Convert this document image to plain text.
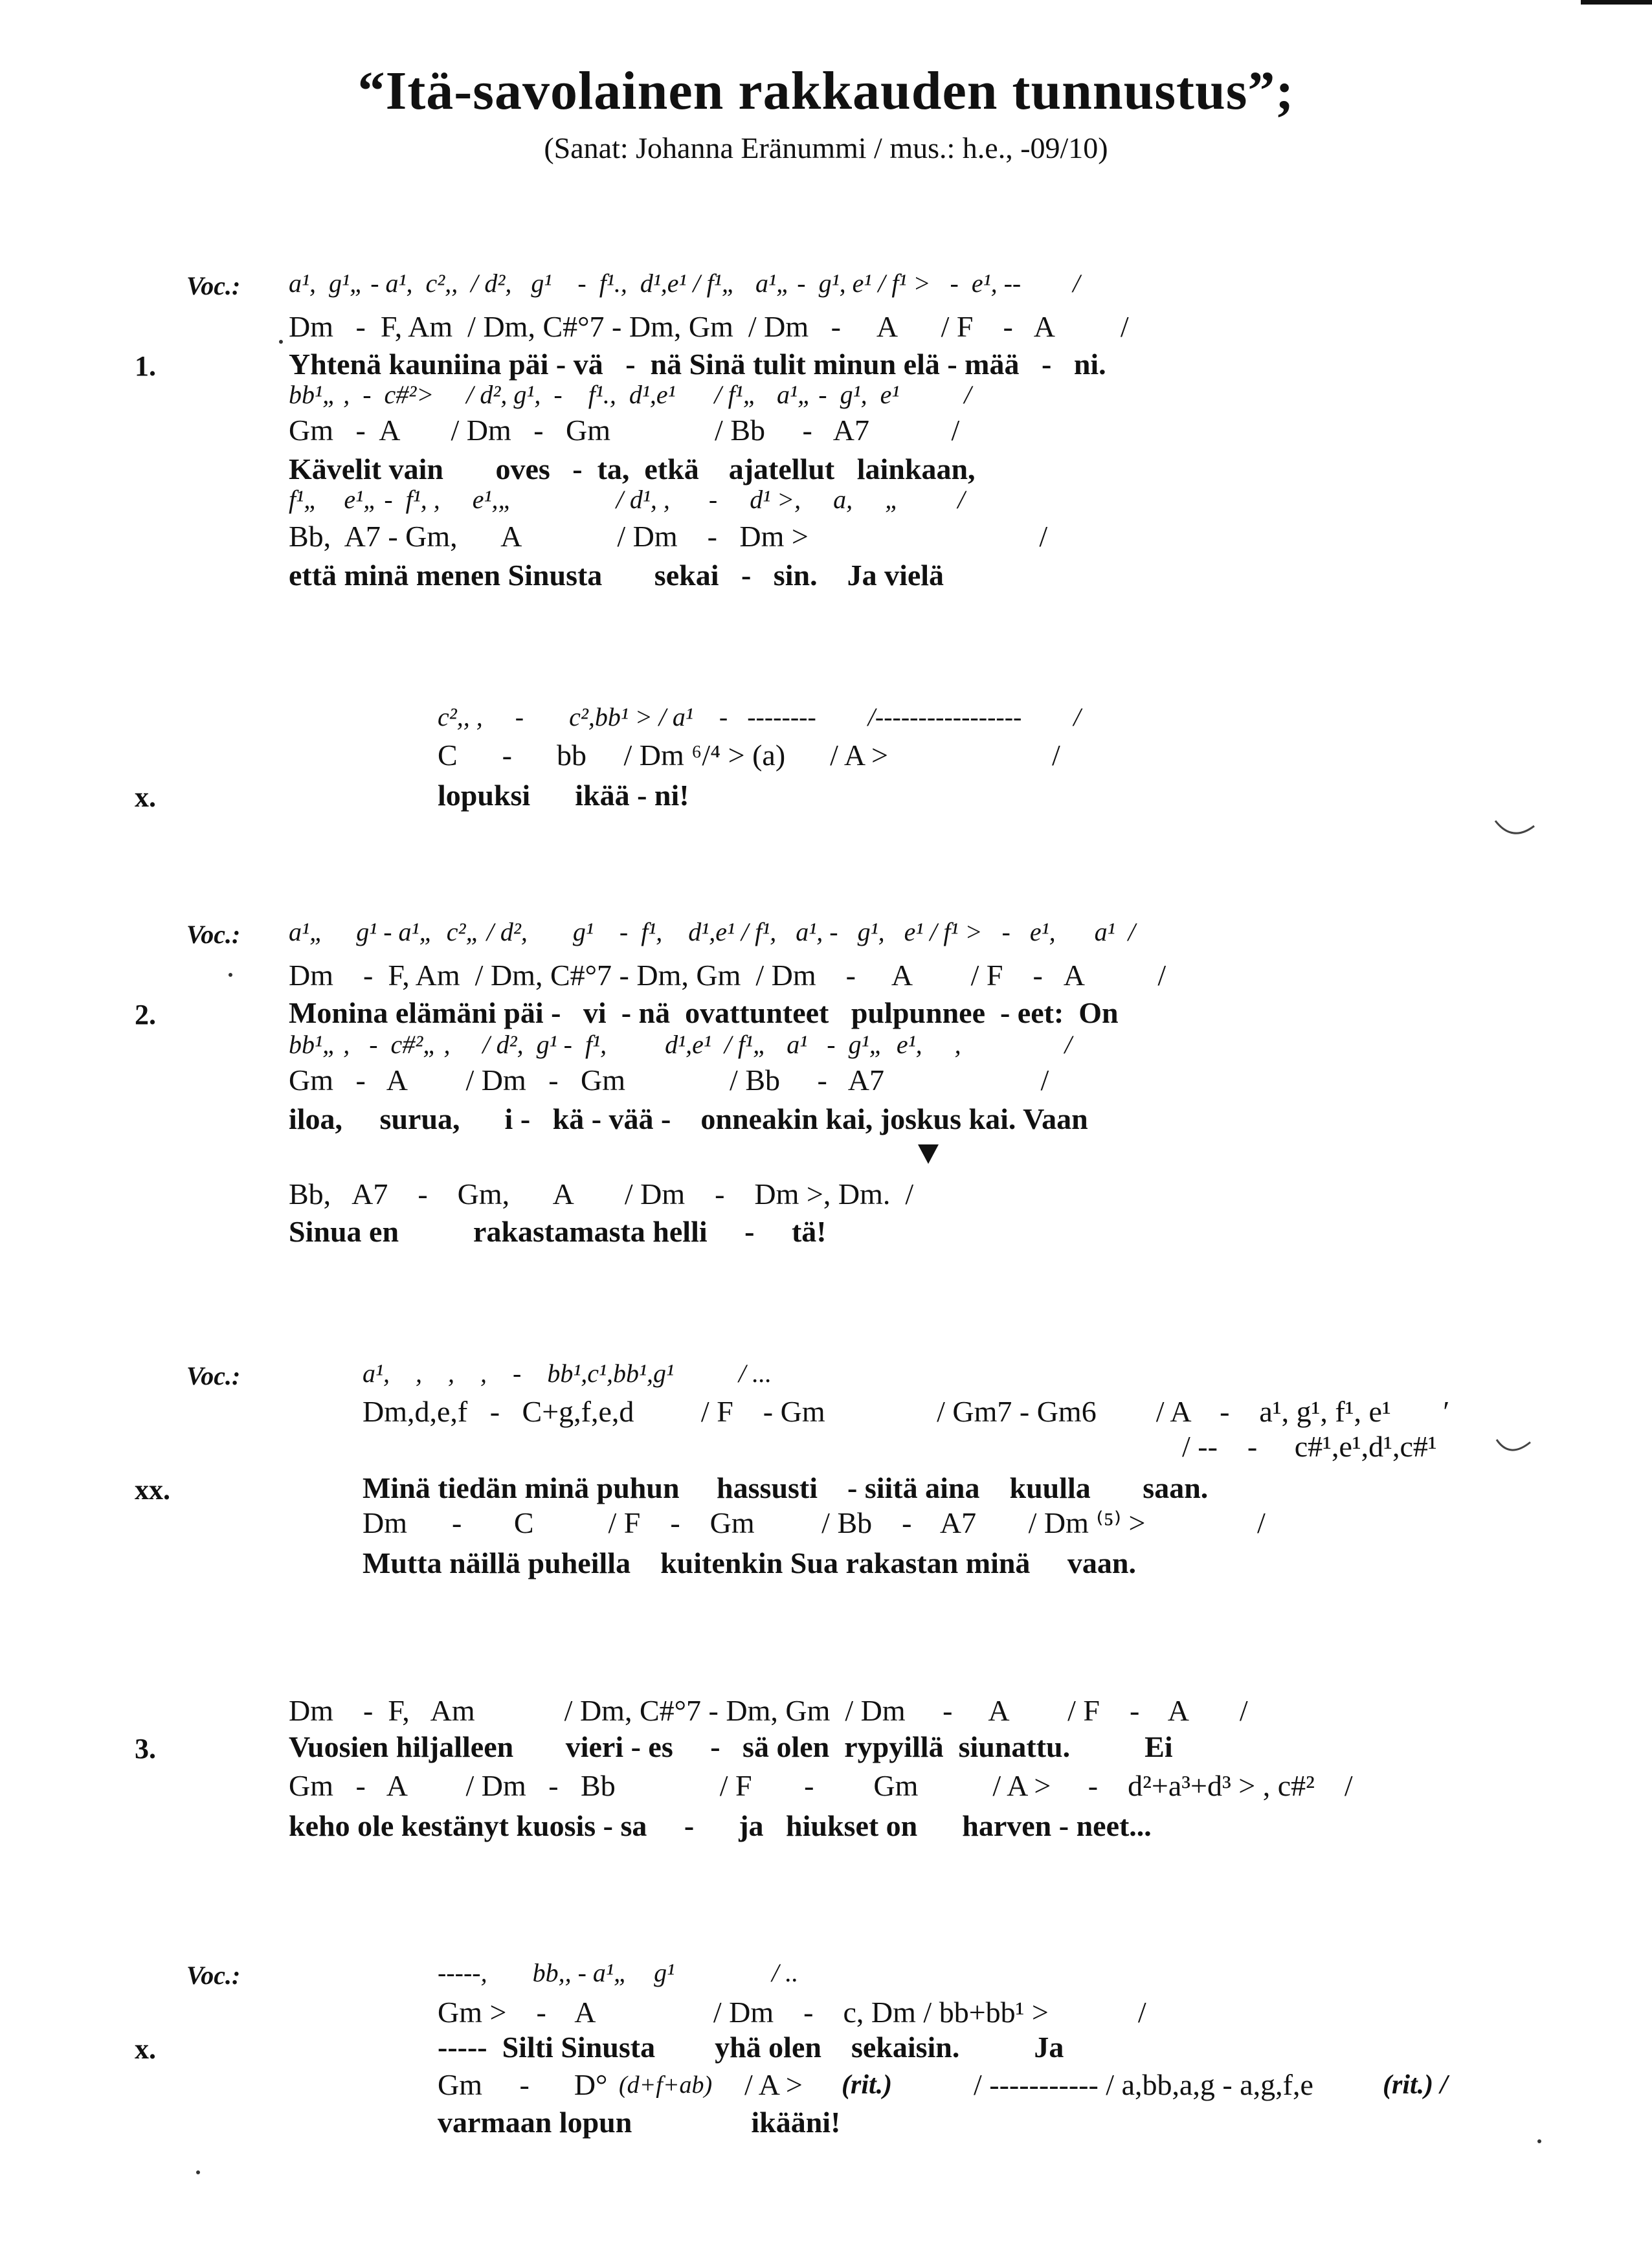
“Itä-savolainen rakkauden tunnustus”;
(Sanat: Johanna Eränummi / mus.: h.e., -09/10)
Voc.: a¹,  g¹„ - a¹,  c²,,  / d²,   g¹    -  f¹.,  d¹,e¹ / f¹„   a¹„ -  g¹, e¹ / f¹ >   -  e¹, --        /
Dm   -  F, Am  / Dm, C#°7 - Dm, Gm  / Dm   -     A      / F    -   A         /
1.	Yhtenä kauniina päi - vä   -  nä Sinä tulit minun elä - mää   -   ni.
bb¹„ ,  -  c#²>     / d², g¹,  -    f¹.,  d¹,e¹      / f¹„   a¹„ -  g¹,  e¹          /
Gm   -  A       / Dm   -   Gm              / Bb     -   A7           /
Kävelit vain       oves   -  ta,  etkä    ajatellut   lainkaan,
f¹„    e¹„ -  f¹, ,     e¹,„                / d¹, ,      -     d¹ >,     a,     „         /
Bb,  A7 - Gm,      A             / Dm    -   Dm >                               /
että minä menen Sinusta       sekai   -   sin.    Ja vielä
c²,, ,     -       c²,bb¹ > / a¹    -   --------        /-----------------        /
C      -      bb     / Dm ⁶/⁴ > (a)      / A >                      /
x.	lopuksi      ikää - ni!
Voc.: a¹„     g¹ - a¹„  c²„ / d²,       g¹    -  f¹,    d¹,e¹ / f¹,   a¹, -   g¹,   e¹ / f¹ >   -   e¹,      a¹  /
Dm    -  F, Am  / Dm, C#°7 - Dm, Gm  / Dm    -     A        / F    -   A          /
2.	Monina elämäni päi -   vi  - nä  ovattunteet   pulpunnee  - eet:  On
bb¹„ ,   -  c#²„ ,     / d²,  g¹ -  f¹,         d¹,e¹  / f¹„   a¹   -  g¹„  e¹,     ,                /
Gm   -   A        / Dm   -   Gm              / Bb     -   A7                     /
iloa,     surua,      i -   kä - vää -    onneakin kai, joskus kai. Vaan
Bb,   A7    -    Gm,      A       / Dm    -    Dm >, Dm.  /
Sinua en          rakastamasta helli     -     tä!
Voc.:	a¹,    ,    ,    ,    -    bb¹,c¹,bb¹,g¹          / ...
Dm,d,e,f   -   C+g,f,e,d         / F    - Gm               / Gm7 - Gm6        / A    -    a¹, g¹, f¹, e¹       ′
/ --    -     c#¹,e¹,d¹,c#¹
xx.	Minä tiedän minä puhun     hassusti    - siitä aina    kuulla       saan.
Dm      -       C          / F    -    Gm         / Bb    -    A7       / Dm ⁽⁵⁾ >               /
Mutta näillä puheilla    kuitenkin Sua rakastan minä     vaan.
Dm    -  F,   Am            / Dm, C#°7 - Dm, Gm  / Dm     -     A        / F    -    A       /
3.	Vuosien hiljalleen       vieri - es     -   sä olen  rypyillä  siunattu.          Ei
Gm   -   A        / Dm   -   Bb              / F       -        Gm          / A >     -    d²+a³+d³ > , c#²    /
keho ole kestänyt kuosis - sa     -      ja   hiukset on      harven - neet...
Voc.:	-----,       bb,, - a¹„    g¹               / ..
Gm >    -    A                / Dm    -    c, Dm / bb+bb¹ >            /
x.	-----  Silti Sinusta        yhä olen    sekaisin.          Ja
Gm     -      D° (d+f+ab) / A > (rit.)	/ ----------- / a,bb,a,g - a,g,f,e	(rit.) /
varmaan lopun                ikääni!
